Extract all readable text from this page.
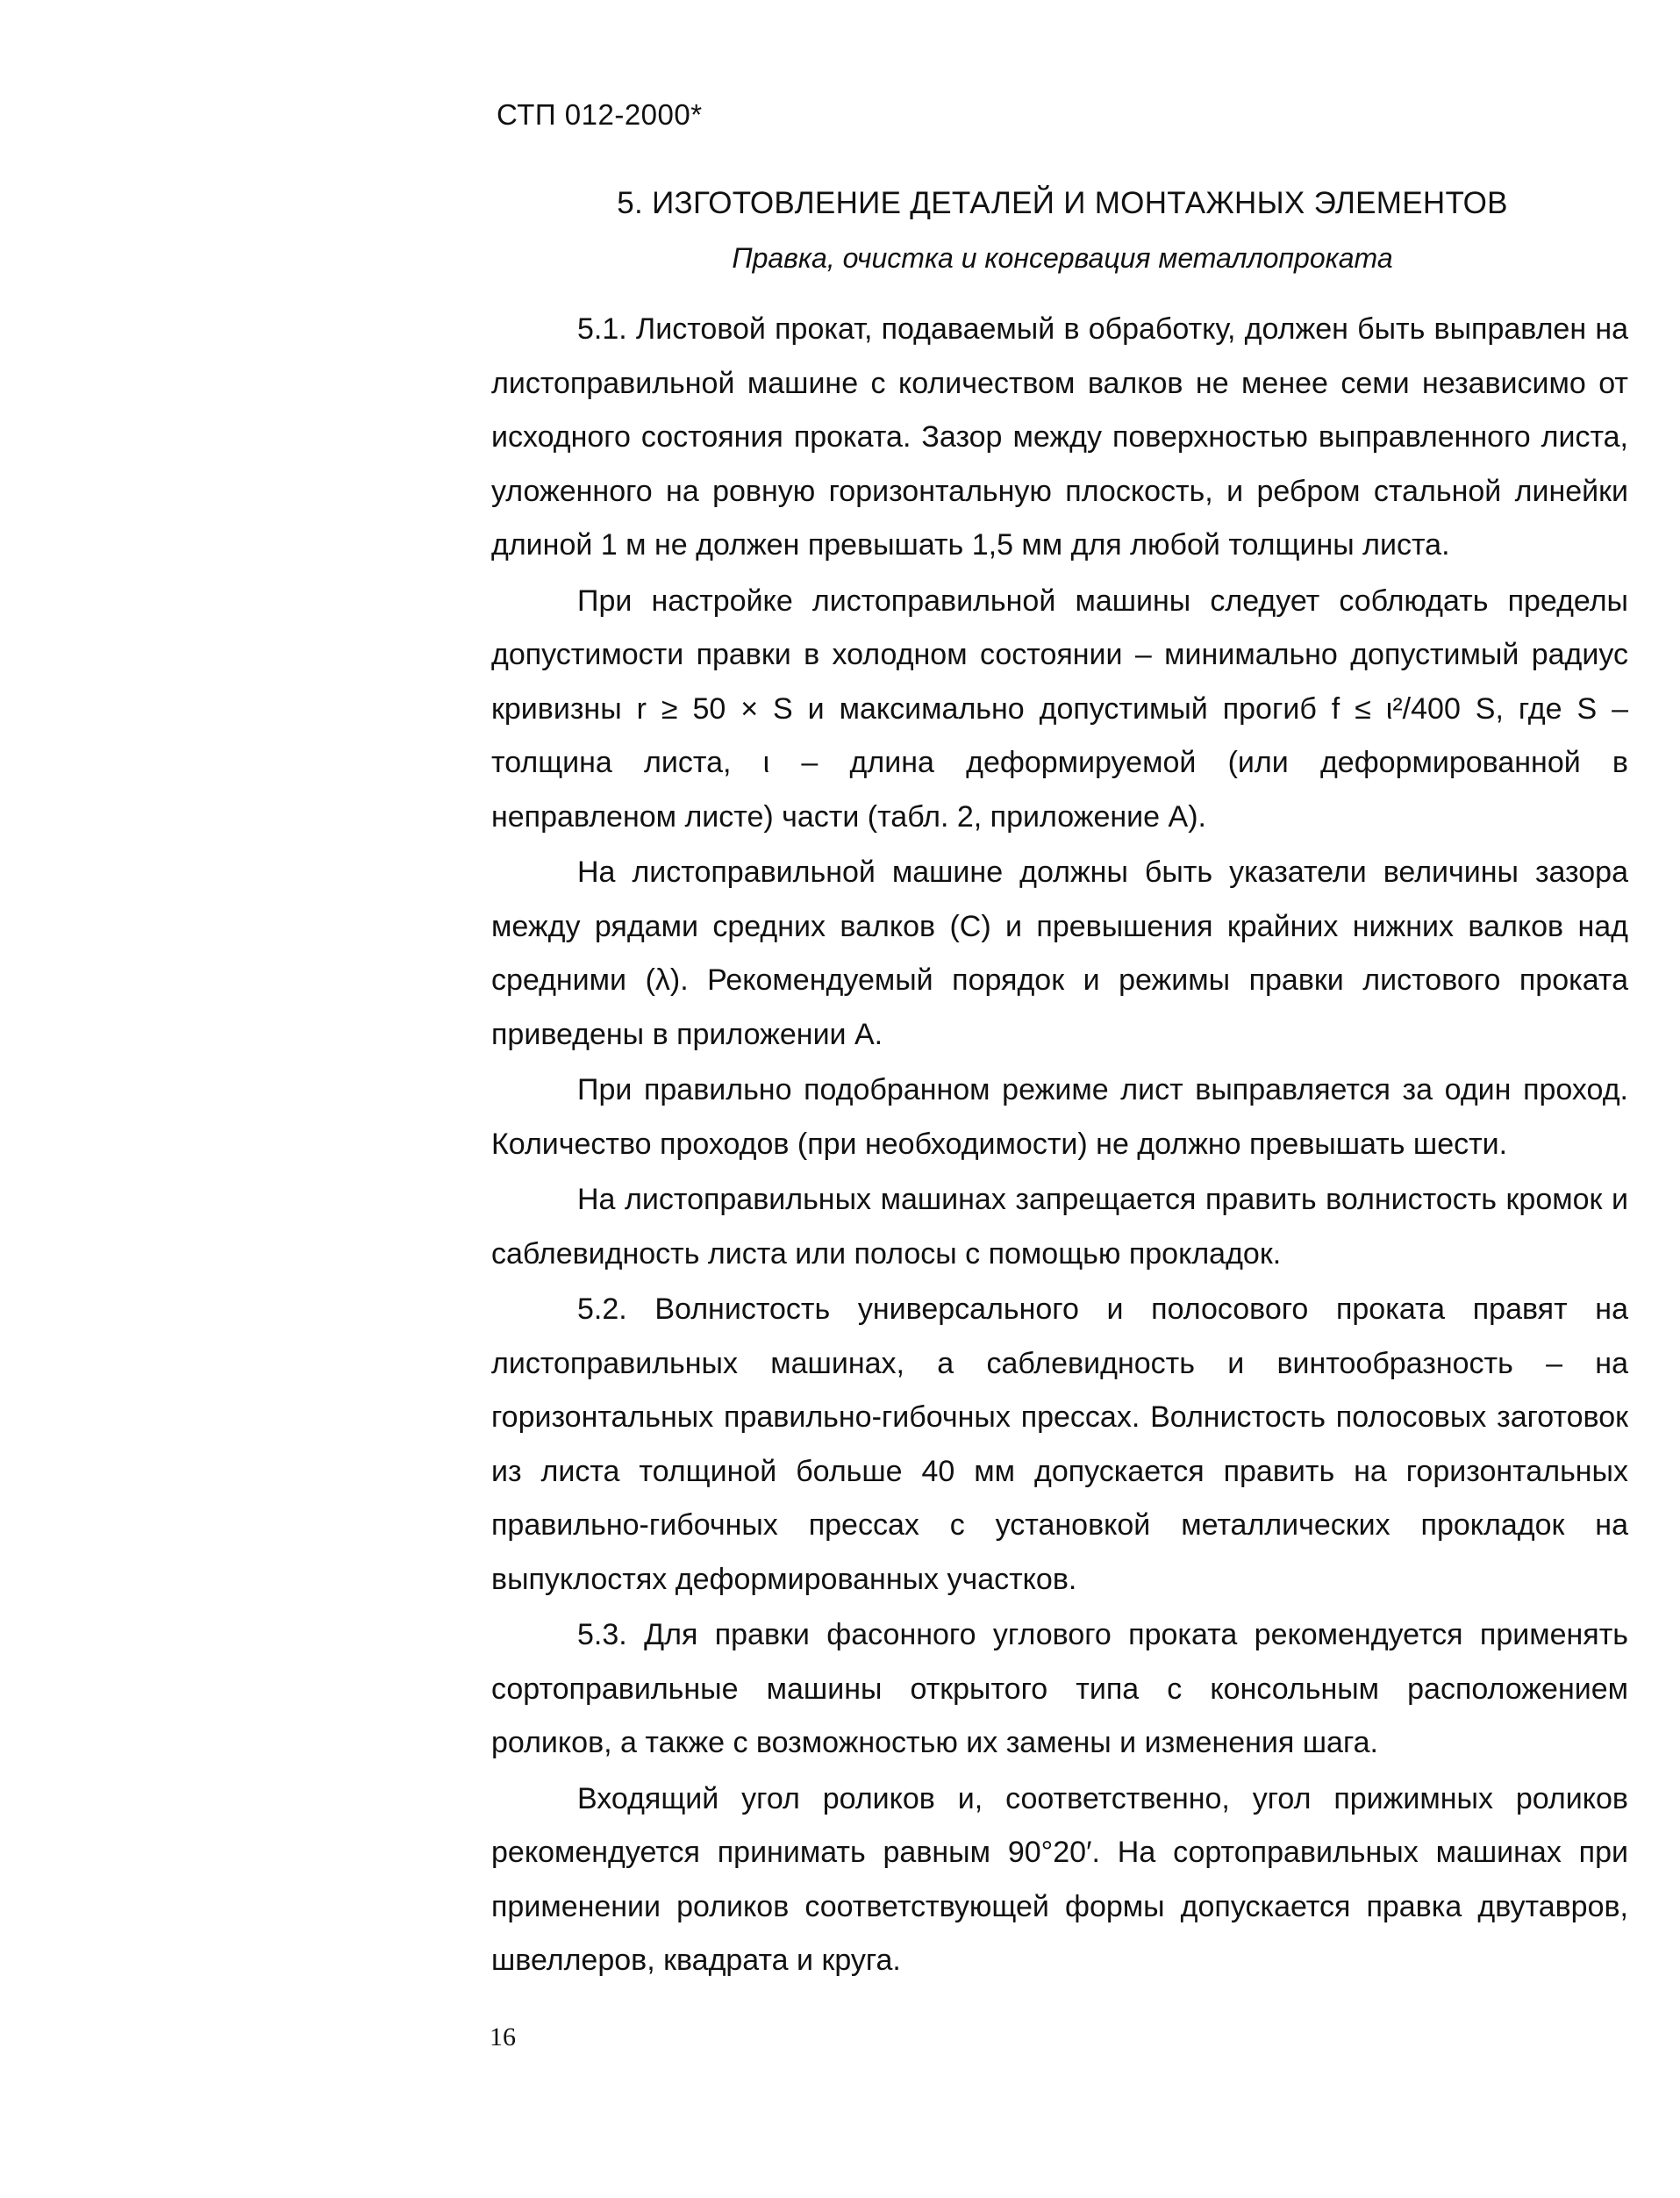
СТП 012-2000*
5. ИЗГОТОВЛЕНИЕ ДЕТАЛЕЙ И МОНТАЖНЫХ ЭЛЕМЕНТОВ
Правка, очистка и консервация металлопроката

5.1. Листовой прокат, подаваемый в обработку, должен быть выправлен на листоправильной машине с количеством валков не менее семи независимо от исходного состояния проката. Зазор между поверхностью выправленного листа, уложенного на ровную горизонтальную плоскость, и ребром стальной линейки длиной 1 м не должен превышать 1,5 мм для любой толщины листа.

При настройке листоправильной машины следует соблюдать пределы допустимости правки в холодном состоянии – минимально допустимый радиус кривизны r ≥ 50 × S и максимально допустимый прогиб f ≤ ι²/400 S, где S – толщина листа, ι – длина деформируемой (или деформированной в неправленом листе) части (табл. 2, приложение А).

На листоправильной машине должны быть указатели величины зазора между рядами средних валков (С) и превышения крайних нижних валков над средними (λ). Рекомендуемый порядок и режимы правки листового проката приведены в приложении А.

При правильно подобранном режиме лист выправляется за один проход. Количество проходов (при необходимости) не должно превышать шести.

На листоправильных машинах запрещается править волнистость кромок и саблевидность листа или полосы с помощью прокладок.

5.2. Волнистость универсального и полосового проката правят на листоправильных машинах, а саблевидность и винтообразность – на горизонтальных правильно-гибочных прессах. Волнистость полосовых заготовок из листа толщиной больше 40 мм допускается править на горизонтальных правильно-гибочных прессах с установкой металлических прокладок на выпуклостях деформированных участков.

5.3. Для правки фасонного углового проката рекомендуется применять сортоправильные машины открытого типа с консольным расположением роликов, а также с возможностью их замены и изменения шага.

Входящий угол роликов и, соответственно, угол прижимных роликов рекомендуется принимать равным 90°20′. На сортоправильных машинах при применении роликов соответствующей формы допускается правка двутавров, швеллеров, квадрата и круга.

16
